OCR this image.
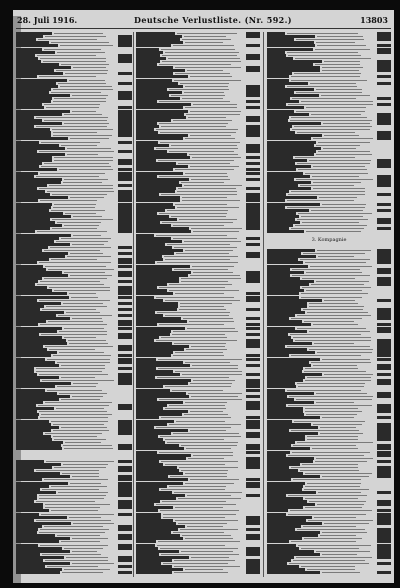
28. Juli 1916.	Deutsche Verlustliste. (Nr. 592.)	13803
3. Kompagnie
